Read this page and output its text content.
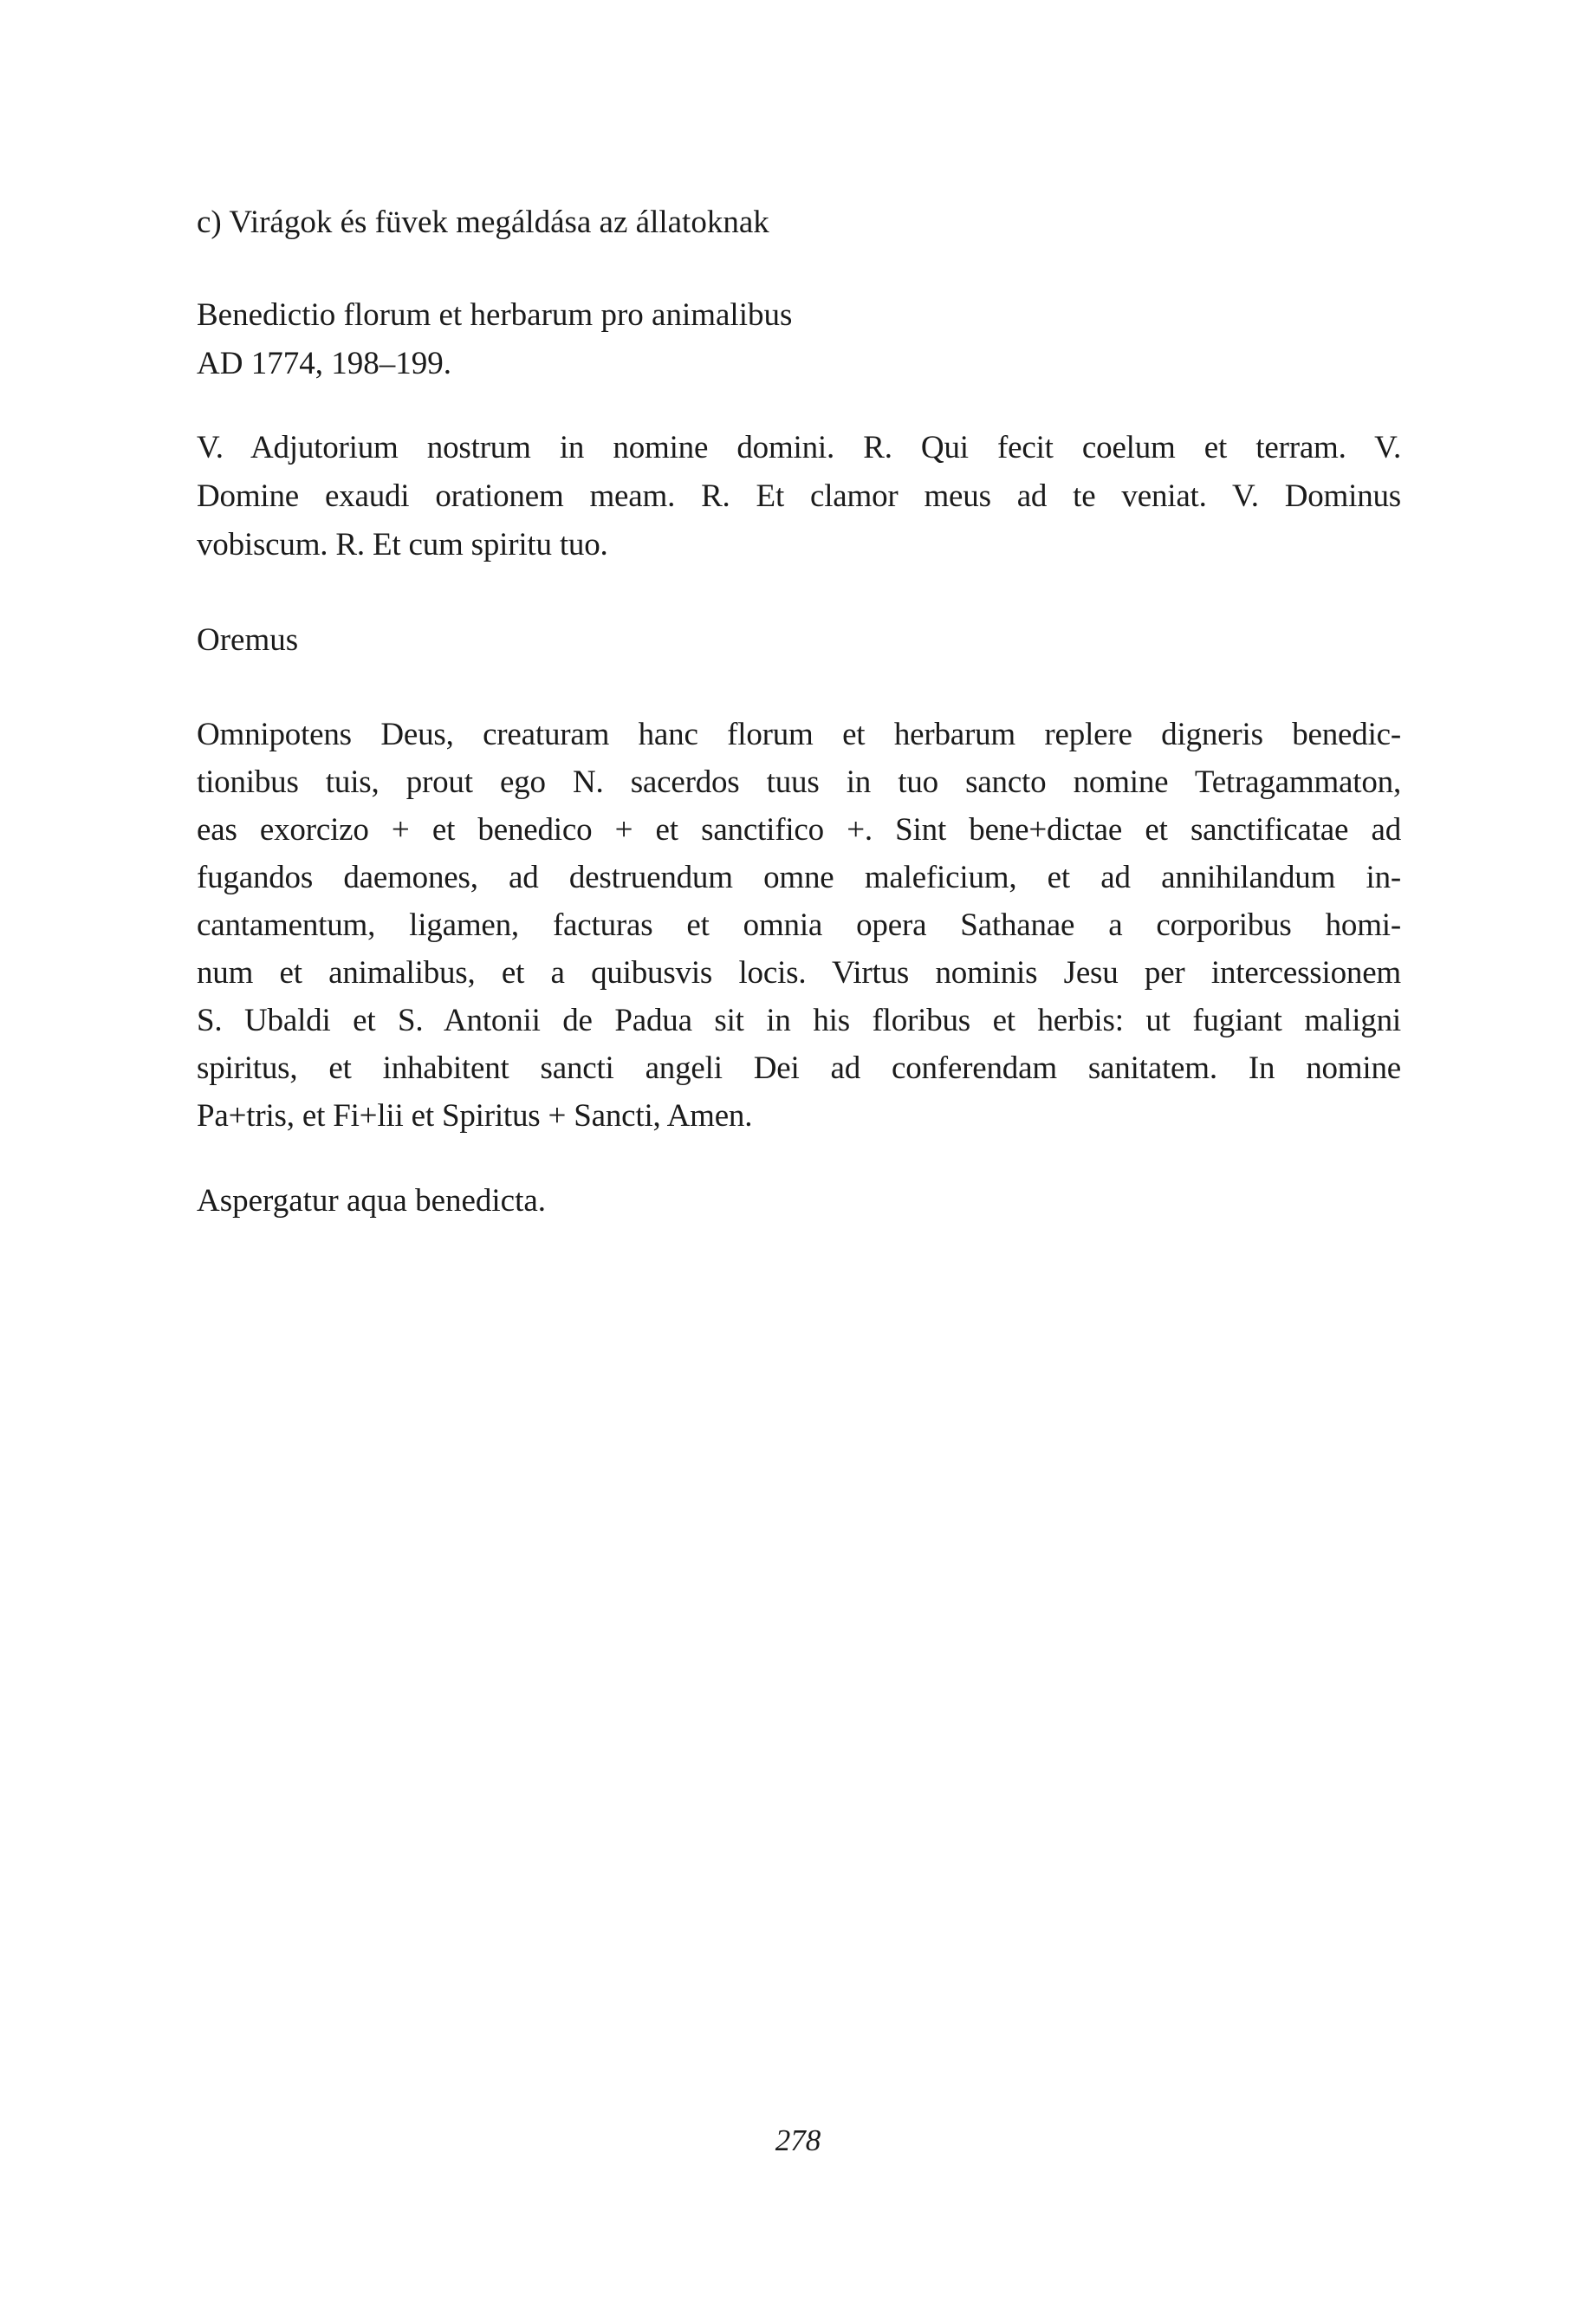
c) Virágok és füvek megáldása az állatoknak
Benedictio florum et herbarum pro animalibus
AD 1774, 198–199.
V. Adjutorium nostrum in nomine domini. R. Qui fecit coelum et terram. V.
Domine exaudi orationem meam. R. Et clamor meus ad te veniat. V. Dominus
vobiscum. R. Et cum spiritu tuo.
Oremus
Omnipotens Deus, creaturam hanc florum et herbarum replere digneris benedic-
tionibus tuis, prout ego N. sacerdos tuus in tuo sancto nomine Tetragammaton,
eas exorcizo + et benedico + et sanctifico +. Sint bene+dictae et sanctificatae ad
fugandos daemones, ad destruendum omne maleficium, et ad annihilandum in-
cantamentum, ligamen, facturas et omnia opera Sathanae a corporibus homi-
num et animalibus, et a quibusvis locis. Virtus nominis Jesu per intercessionem
S. Ubaldi et S. Antonii de Padua sit in his floribus et herbis: ut fugiant maligni
spiritus, et inhabitent sancti angeli Dei ad conferendam sanitatem. In nomine
Pa+tris, et Fi+lii et Spiritus + Sancti, Amen.
Aspergatur aqua benedicta.
278
